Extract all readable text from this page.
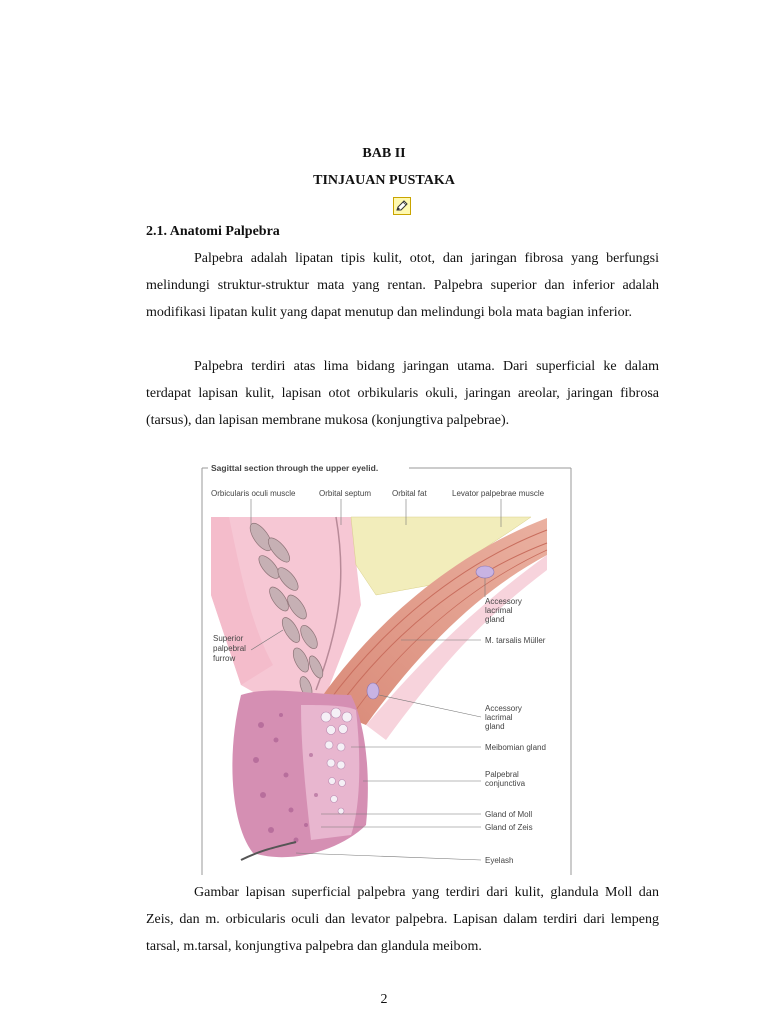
BAB II
TINJAUAN PUSTAKA
2.1. Anatomi Palpebra

Palpebra adalah lipatan tipis kulit, otot, dan jaringan fibrosa yang berfungsi melindungi struktur-struktur mata yang rentan. Palpebra superior dan inferior adalah modifikasi lipatan kulit yang dapat menutup dan melindungi bola mata bagian inferior.

Palpebra terdiri atas lima bidang jaringan utama. Dari superficial ke dalam terdapat lapisan kulit, lapisan otot orbikularis okuli, jaringan areolar, jaringan fibrosa (tarsus), dan lapisan membrane mukosa (konjungtiva palpebrae).

Sagittal section through the upper eyelid.
Orbicularis oculi muscle	Orbital septum	Orbital fat	Levator palpebrae muscle
Superior
palpebral
furrow
Accessory
lacrimal
gland
M. tarsalis Müller
Accessory
lacrimal
gland
Meibomian gland
Palpebral
conjunctiva
Gland of Moll
Gland of Zeis
Eyelash

Gambar lapisan superficial palpebra yang terdiri dari kulit, glandula Moll dan Zeis, dan m. orbicularis oculi dan levator palpebra. Lapisan dalam terdiri dari lempeng tarsal, m.tarsal, konjungtiva palpebra dan glandula meibom.

2
